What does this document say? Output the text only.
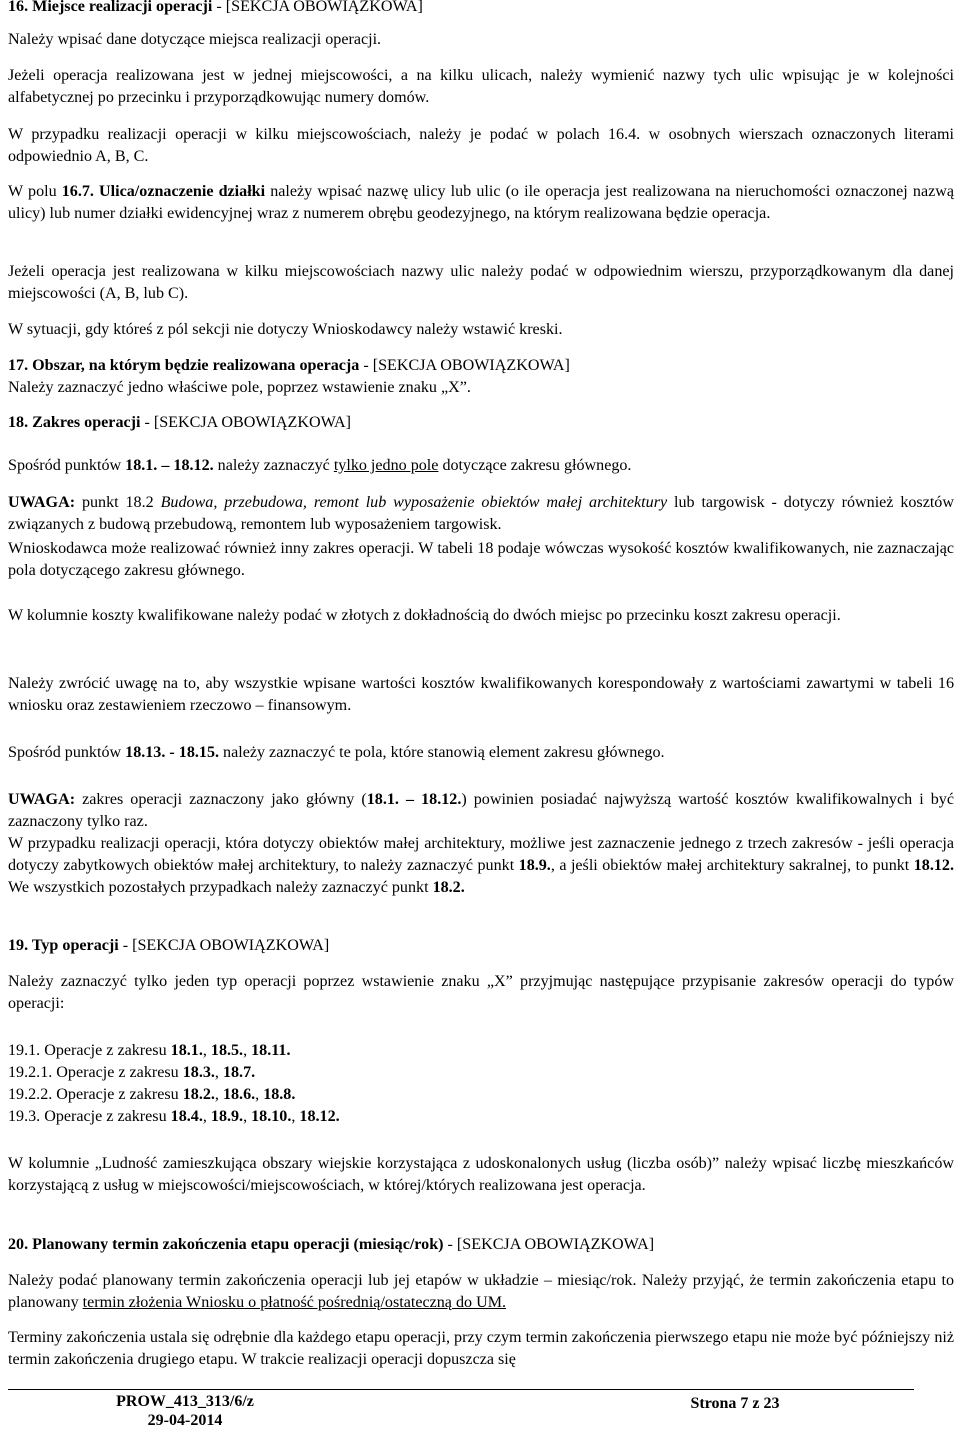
16. Miejsce realizacji operacji - [SEKCJA OBOWIĄZKOWA]

Należy wpisać dane dotyczące miejsca realizacji operacji.

Jeżeli operacja realizowana jest w jednej miejscowości, a na kilku ulicach, należy wymienić nazwy tych ulic wpisując je w kolejności alfabetycznej po przecinku i przyporządkowując numery domów.

W przypadku realizacji operacji w kilku miejscowościach, należy je podać w polach 16.4. w osobnych wierszach oznaczonych literami odpowiednio A, B, C.

W polu 16.7. Ulica/oznaczenie działki należy wpisać nazwę ulicy lub ulic (o ile operacja jest realizowana na nieruchomości oznaczonej nazwą ulicy) lub numer działki ewidencyjnej wraz z numerem obrębu geodezyjnego, na którym realizowana będzie operacja.

Jeżeli operacja jest realizowana w kilku miejscowościach nazwy ulic należy podać w odpowiednim wierszu, przyporządkowanym dla danej miejscowości (A, B, lub C).

W sytuacji, gdy któreś z pól sekcji nie dotyczy Wnioskodawcy należy wstawić kreski.

17. Obszar, na którym będzie realizowana operacja - [SEKCJA OBOWIĄZKOWA]

Należy zaznaczyć jedno właściwe pole, poprzez wstawienie znaku „X”.

18. Zakres operacji - [SEKCJA OBOWIĄZKOWA]

Spośród punktów 18.1. – 18.12. należy zaznaczyć tylko jedno pole dotyczące zakresu głównego.

UWAGA: punkt 18.2 Budowa, przebudowa, remont lub wyposażenie obiektów małej architektury lub targowisk - dotyczy również kosztów związanych z budową przebudową, remontem lub wyposażeniem targowisk.

Wnioskodawca może realizować również inny zakres operacji. W tabeli 18 podaje wówczas wysokość kosztów kwalifikowanych, nie zaznaczając pola dotyczącego zakresu głównego.

W kolumnie koszty kwalifikowane należy podać w złotych z dokładnością do dwóch miejsc po przecinku koszt zakresu operacji.

Należy zwrócić uwagę na to, aby wszystkie wpisane wartości kosztów kwalifikowanych korespondowały z wartościami zawartymi w tabeli 16 wniosku oraz zestawieniem rzeczowo – finansowym.

Spośród punktów 18.13. - 18.15. należy zaznaczyć te pola, które stanowią element zakresu głównego.

UWAGA: zakres operacji zaznaczony jako główny (18.1. – 18.12.) powinien posiadać najwyższą wartość kosztów kwalifikowalnych i być zaznaczony tylko raz.

W przypadku realizacji operacji, która dotyczy obiektów małej architektury, możliwe jest zaznaczenie jednego z trzech zakresów - jeśli operacja dotyczy zabytkowych obiektów małej architektury, to należy zaznaczyć punkt 18.9., a jeśli obiektów małej architektury sakralnej, to punkt 18.12. We wszystkich pozostałych przypadkach należy zaznaczyć punkt 18.2.

19. Typ operacji - [SEKCJA OBOWIĄZKOWA]

Należy zaznaczyć tylko jeden typ operacji poprzez wstawienie znaku „X” przyjmując następujące przypisanie zakresów operacji do typów operacji:

19.1. Operacje z zakresu 18.1., 18.5., 18.11.
19.2.1. Operacje z zakresu 18.3., 18.7.
19.2.2. Operacje z zakresu 18.2., 18.6., 18.8.
19.3. Operacje z zakresu 18.4., 18.9., 18.10., 18.12.

W kolumnie „Ludność zamieszkująca obszary wiejskie korzystająca z udoskonalonych usług (liczba osób)” należy wpisać liczbę mieszkańców korzystającą z usług w miejscowości/miejscowościach, w której/których realizowana jest operacja.

20. Planowany termin zakończenia etapu operacji (miesiąc/rok) - [SEKCJA OBOWIĄZKOWA]

Należy podać planowany termin zakończenia operacji lub jej etapów w układzie – miesiąc/rok. Należy przyjąć, że termin zakończenia etapu to planowany termin złożenia Wniosku o płatność pośrednią/ostateczną do UM.

Terminy zakończenia ustala się odrębnie dla każdego etapu operacji, przy czym termin zakończenia pierwszego etapu nie może być późniejszy niż termin zakończenia drugiego etapu. W trakcie realizacji operacji dopuszcza się

PROW_413_313/6/z
29-04-2014
Strona 7 z 23
